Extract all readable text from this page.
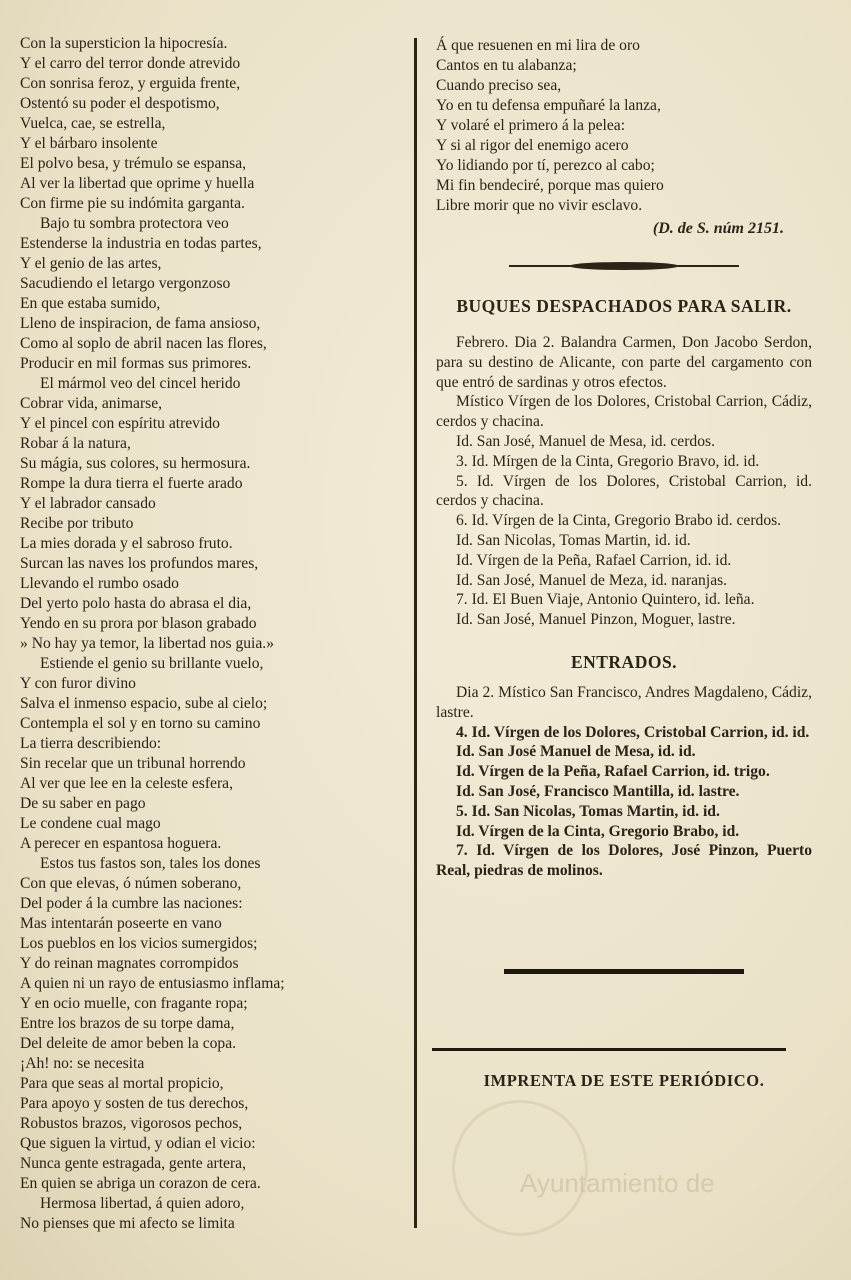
Ayuntamiento de
Con la supersticion la hipocresía.
Y el carro del terror donde atrevido
Con sonrisa feroz, y erguida frente,
Ostentó su poder el despotismo,
Vuelca, cae, se estrella,
Y el bárbaro insolente
El polvo besa, y trémulo se espansa,
Al ver la libertad que oprime y huella
Con firme pie su indómita garganta.
Bajo tu sombra protectora veo
Estenderse la industria en todas partes,
Y el genio de las artes,
Sacudiendo el letargo vergonzoso
En que estaba sumido,
Lleno de inspiracion, de fama ansioso,
Como al soplo de abril nacen las flores,
Producir en mil formas sus primores.
El mármol veo del cincel herido
Cobrar vida, animarse,
Y el pincel con espíritu atrevido
Robar á la natura,
Su mágia, sus colores, su hermosura.
Rompe la dura tierra el fuerte arado
Y el labrador cansado
Recibe por tributo
La mies dorada y el sabroso fruto.
Surcan las naves los profundos mares,
Llevando el rumbo osado
Del yerto polo hasta do abrasa el dia,
Yendo en su prora por blason grabado
» No hay ya temor, la libertad nos guia.»
Estiende el genio su brillante vuelo,
Y con furor divino
Salva el inmenso espacio, sube al cielo;
Contempla el sol y en torno su camino
La tierra describiendo:
Sin recelar que un tribunal horrendo
Al ver que lee en la celeste esfera,
De su saber en pago
Le condene cual mago
A perecer en espantosa hoguera.
Estos tus fastos son, tales los dones
Con que elevas, ó númen soberano,
Del poder á la cumbre las naciones:
Mas intentarán poseerte en vano
Los pueblos en los vicios sumergidos;
Y do reinan magnates corrompidos
A quien ni un rayo de entusiasmo inflama;
Y en ocio muelle, con fragante ropa;
Entre los brazos de su torpe dama,
Del deleite de amor beben la copa.
¡Ah! no: se necesita
Para que seas al mortal propicio,
Para apoyo y sosten de tus derechos,
Robustos brazos, vigorosos pechos,
Que siguen la virtud, y odian el vicio:
Nunca gente estragada, gente artera,
En quien se abriga un corazon de cera.
Hermosa libertad, á quien adoro,
No pienses que mi afecto se limita
Á que resuenen en mi lira de oro
Cantos en tu alabanza;
Cuando preciso sea,
Yo en tu defensa empuñaré la lanza,
Y volaré el primero á la pelea:
Y si al rigor del enemigo acero
Yo lidiando por tí, perezco al cabo;
Mi fin bendeciré, porque mas quiero
Libre morir que no vivir esclavo.
(D. de S. núm 2151.
BUQUES DESPACHADOS PARA SALIR.

Febrero. Dia 2. Balandra Carmen, Don Jacobo Serdon, para su destino de Alicante, con parte del cargamento con que entró de sardinas y otros efectos.

Místico Vírgen de los Dolores, Cristobal Carrion, Cádiz, cerdos y chacina.

Id. San José, Manuel de Mesa, id. cerdos.

3. Id. Mírgen de la Cinta, Gregorio Bravo, id. id.

5. Id. Vírgen de los Dolores, Cristobal Carrion, id. cerdos y chacina.

6. Id. Vírgen de la Cinta, Gregorio Brabo id. cerdos.

Id. San Nicolas, Tomas Martin, id. id.

Id. Vírgen de la Peña, Rafael Carrion, id. id.

Id. San José, Manuel de Meza, id. naranjas.

7. Id. El Buen Viaje, Antonio Quintero, id. leña.

Id. San José, Manuel Pinzon, Moguer, lastre.

ENTRADOS.

Dia 2. Místico San Francisco, Andres Magdaleno, Cádiz, lastre.

4. Id. Vírgen de los Dolores, Cristobal Carrion, id. id.

Id. San José Manuel de Mesa, id. id.

Id. Vírgen de la Peña, Rafael Carrion, id. trigo.

Id. San José, Francisco Mantilla, id. lastre.

5. Id. San Nicolas, Tomas Martin, id. id.

Id. Vírgen de la Cinta, Gregorio Brabo, id.

7. Id. Vírgen de los Dolores, José Pinzon, Puerto Real, piedras de molinos.

IMPRENTA DE ESTE PERIÓDICO.
